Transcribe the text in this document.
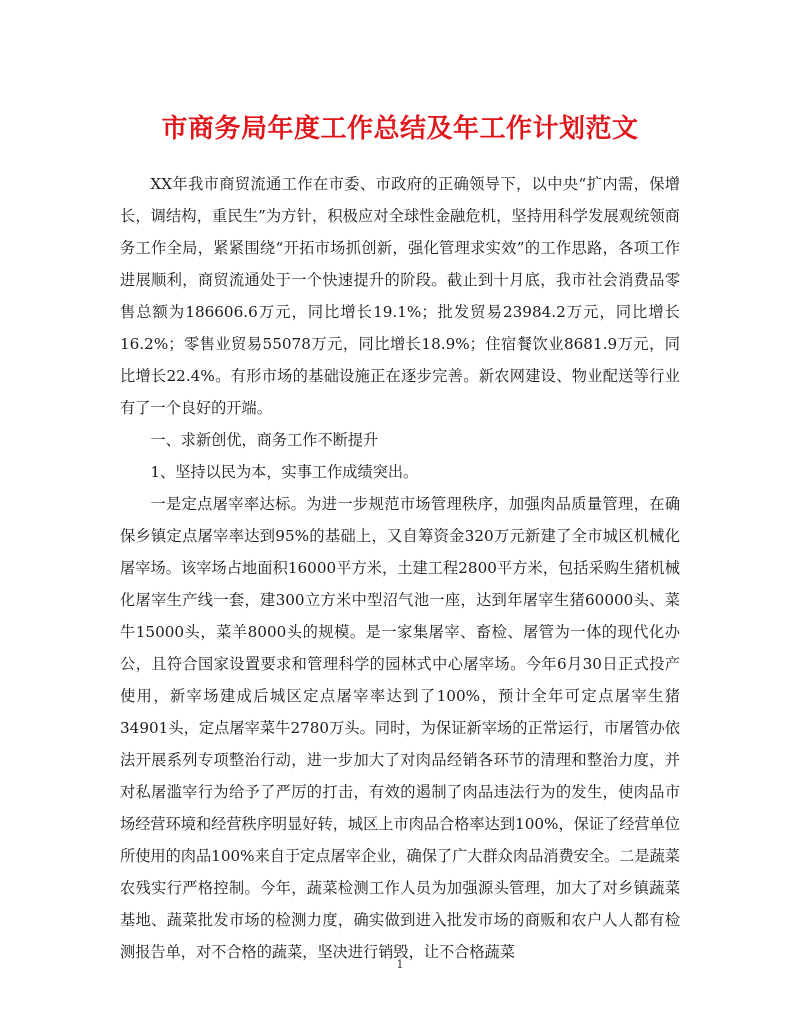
市商务局年度工作总结及年工作计划范文

XX年我市商贸流通工作在市委、市政府的正确领导下，以中央“扩内需，保增长，调结构，重民生”为方针，积极应对全球性金融危机，坚持用科学发展观统领商务工作全局，紧紧围绕“开拓市场抓创新，强化管理求实效”的工作思路，各项工作进展顺利，商贸流通处于一个快速提升的阶段。截止到十月底，我市社会消费品零售总额为186606.6万元，同比增长19.1%；批发贸易23984.2万元，同比增长16.2%；零售业贸易55078万元，同比增长18.9%；住宿餐饮业8681.9万元，同比增长22.4%。有形市场的基础设施正在逐步完善。新农网建设、物业配送等行业有了一个良好的开端。

一、求新创优，商务工作不断提升

1、坚持以民为本，实事工作成绩突出。

一是定点屠宰率达标。为进一步规范市场管理秩序，加强肉品质量管理，在确保乡镇定点屠宰率达到95%的基础上，又自筹资金320万元新建了全市城区机械化屠宰场。该宰场占地面积16000平方米，土建工程2800平方米，包括采购生猪机械化屠宰生产线一套，建300立方米中型沼气池一座，达到年屠宰生猪60000头、菜牛15000头，菜羊8000头的规模。是一家集屠宰、畜检、屠管为一体的现代化办公，且符合国家设置要求和管理科学的园林式中心屠宰场。今年6月30日正式投产使用，新宰场建成后城区定点屠宰率达到了100%，预计全年可定点屠宰生猪34901头，定点屠宰菜牛2780万头。同时，为保证新宰场的正常运行，市屠管办依法开展系列专项整治行动，进一步加大了对肉品经销各环节的清理和整治力度，并对私屠滥宰行为给予了严厉的打击，有效的遏制了肉品违法行为的发生，使肉品市场经营环境和经营秩序明显好转，城区上市肉品合格率达到100%，保证了经营单位所使用的肉品100%来自于定点屠宰企业，确保了广大群众肉品消费安全。二是蔬菜农残实行严格控制。今年，蔬菜检测工作人员为加强源头管理，加大了对乡镇蔬菜基地、蔬菜批发市场的检测力度，确实做到进入批发市场的商贩和农户人人都有检测报告单，对不合格的蔬菜，坚决进行销毁，让不合格蔬菜

1
